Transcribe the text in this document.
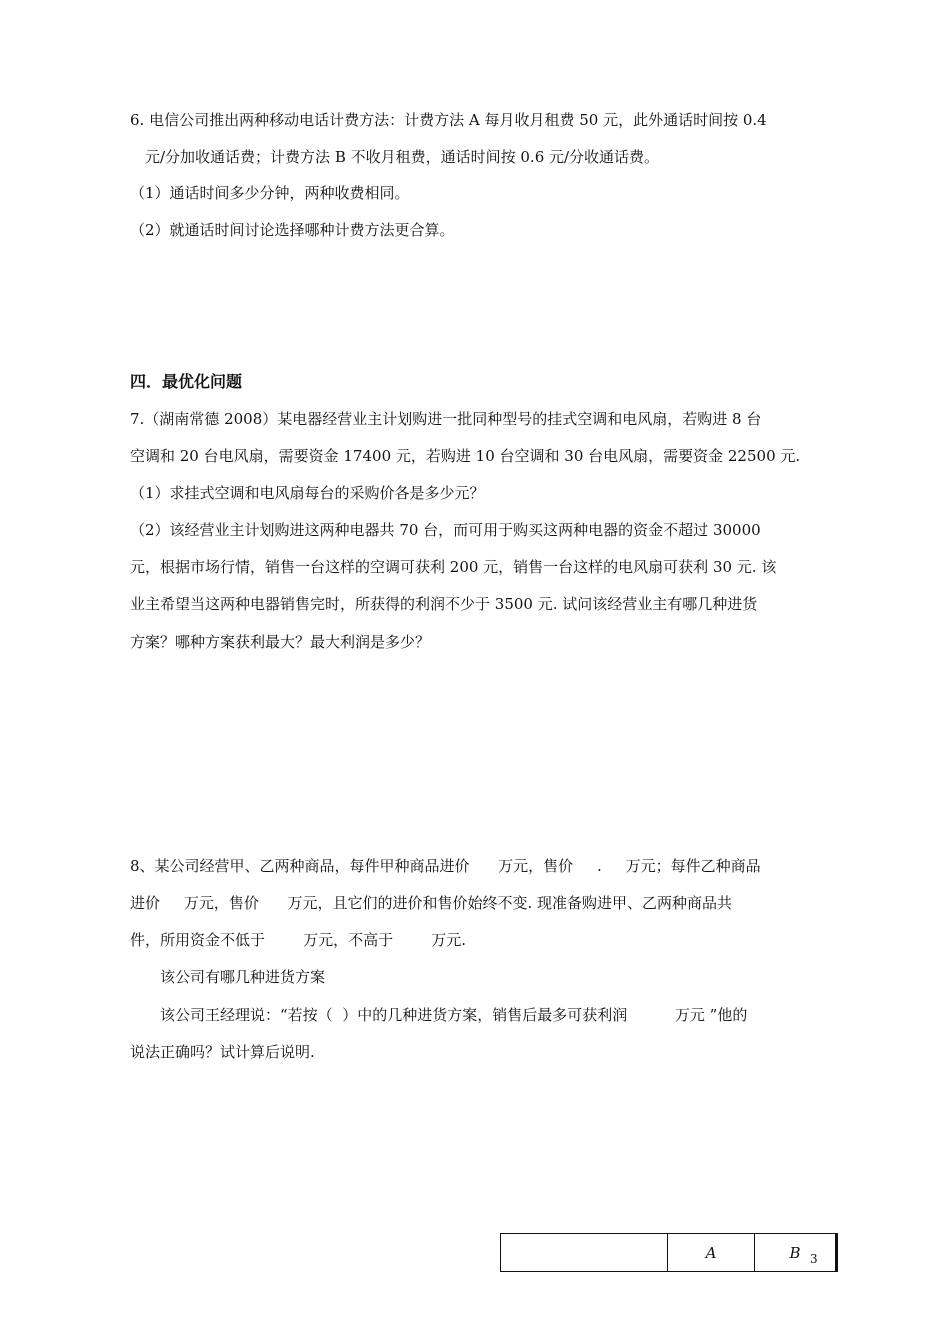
6. 电信公司推出两种移动电话计费方法：计费方法 A 每月收月租费 50 元，此外通话时间按 0.4
元/分加收通话费；计费方法 B 不收月租费，通话时间按 0.6 元/分收通话费。
（1）通话时间多少分钟，两种收费相同。
（2）就通话时间讨论选择哪种计费方法更合算。
四．最优化问题
7.（湖南常德 2008）某电器经营业主计划购进一批同种型号的挂式空调和电风扇，若购进 8 台
空调和 20 台电风扇，需要资金 17400 元，若购进 10 台空调和 30 台电风扇，需要资金 22500 元.
（1）求挂式空调和电风扇每台的采购价各是多少元？
（2）该经营业主计划购进这两种电器共 70 台，而可用于购买这两种电器的资金不超过 30000
元，根据市场行情，销售一台这样的空调可获利 200 元，销售一台这样的电风扇可获利 30 元. 该
业主希望当这两种电器销售完时，所获得的利润不少于 3500 元. 试问该经营业主有哪几种进货
方案？哪种方案获利最大？最大利润是多少？
8、某公司经营甲、乙两种商品，每件甲种商品进价      万元，售价     .     万元；每件乙种商品
进价     万元，售价      万元，且它们的进价和售价始终不变. 现准备购进甲、乙两种商品共
件，所用资金不低于        万元，不高于        万元.
该公司有哪几种进货方案
该公司王经理说：“若按（  ）中的几种进货方案，销售后最多可获利润          万元 ”他的
说法正确吗？试计算后说明.
A	B 3
